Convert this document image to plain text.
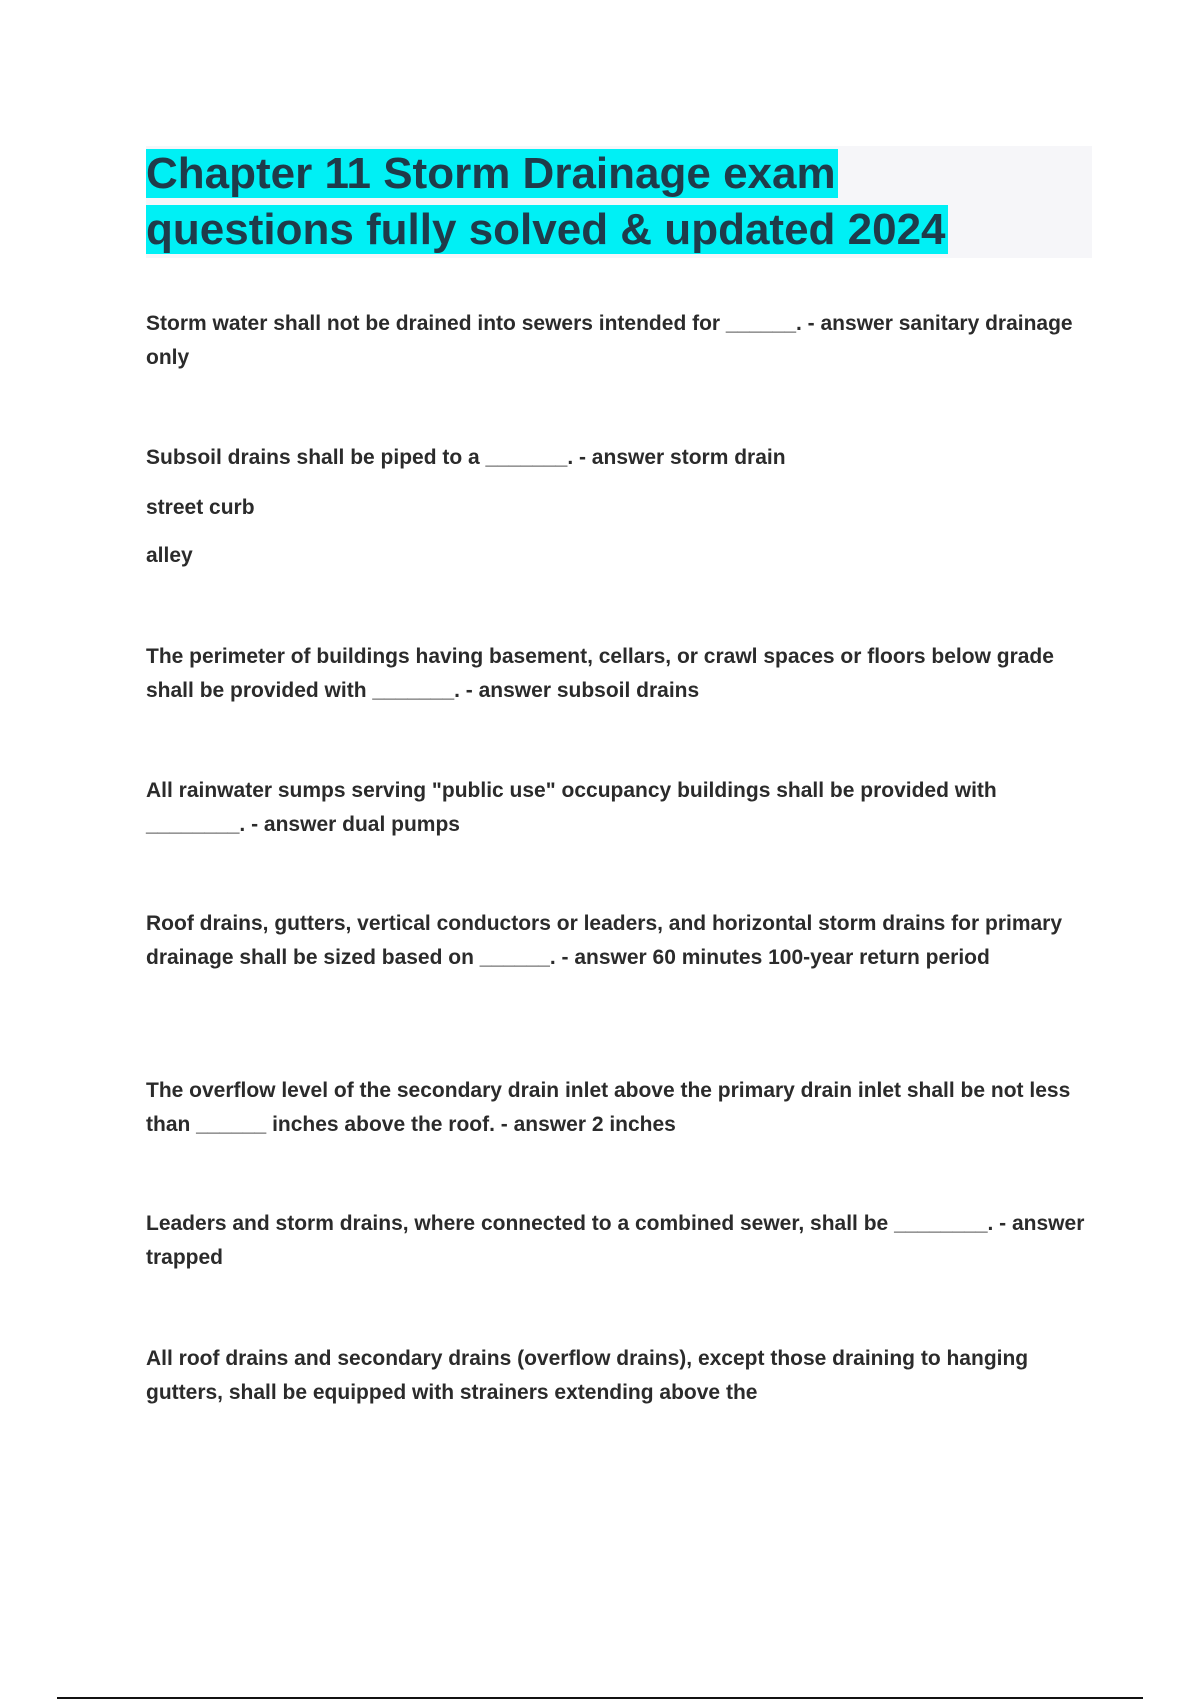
Chapter 11 Storm Drainage exam
questions fully solved & updated 2024

Storm water shall not be drained into sewers intended for ______. - answer sanitary drainage only

Subsoil drains shall be piped to a _______. - answer storm drain

street curb

alley

The perimeter of buildings having basement, cellars, or crawl spaces or floors below grade shall be provided with _______. - answer subsoil drains

All rainwater sumps serving "public use" occupancy buildings shall be provided with ________. - answer dual pumps

Roof drains, gutters, vertical conductors or leaders, and horizontal storm drains for primary drainage shall be sized based on ______. - answer 60 minutes 100-year return period

The overflow level of the secondary drain inlet above the primary drain inlet shall be not less than ______ inches above the roof. - answer 2 inches

Leaders and storm drains, where connected to a combined sewer, shall be ________. - answer trapped

All roof drains and secondary drains (overflow drains), except those draining to hanging gutters, shall be equipped with strainers extending above the
